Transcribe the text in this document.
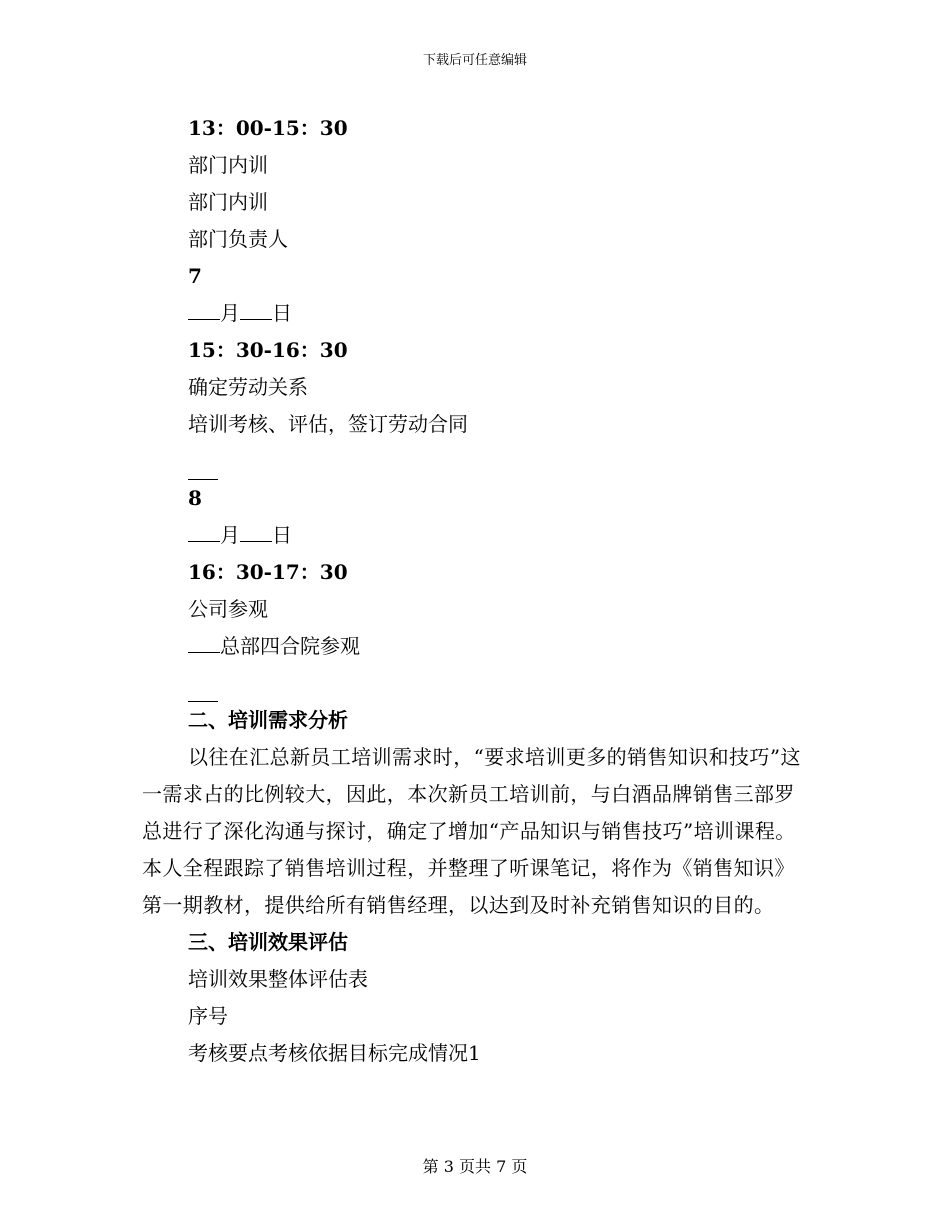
下载后可任意编辑
13：00-15：30
部门内训
部门内训
部门负责人
7
月 日
15：30-16：30
确定劳动关系
培训考核、评估，签订劳动合同
8
月 日
16：30-17：30
公司参观
总部四合院参观
二、培训需求分析
以往在汇总新员工培训需求时，“要求培训更多的销售知识和技巧”这一需求占的比例较大，因此，本次新员工培训前，与白酒品牌销售三部罗总进行了深化沟通与探讨，确定了增加“产品知识与销售技巧”培训课程。本人全程跟踪了销售培训过程，并整理了听课笔记，将作为《销售知识》第一期教材，提供给所有销售经理，以达到及时补充销售知识的目的。
三、培训效果评估
培训效果整体评估表
序号
考核要点考核依据目标完成情况1
第 3 页共 7 页
